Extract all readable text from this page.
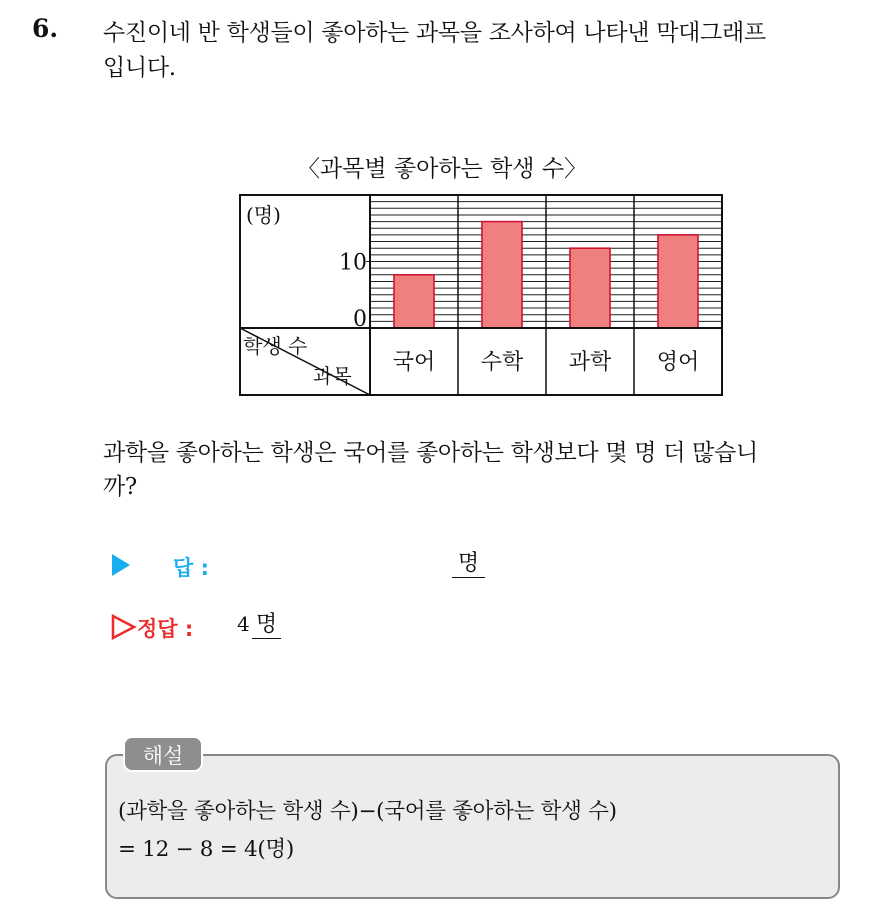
6. 수진이네 반 학생들이 좋아하는 과목을 조사하여 나타낸 막대그래프
입니다.
〈과목별 좋아하는 학생 수〉
(명)
10
0
학생 수
과목
국어 수학 과학 영어
과학을 좋아하는 학생은 국어를 좋아하는 학생보다 몇 명 더 많습니
까?
답 :	명
정답 : 4 명
해설
(과학을 좋아하는 학생 수)−(국어를 좋아하는 학생 수)
= 12 − 8 = 4(명)
